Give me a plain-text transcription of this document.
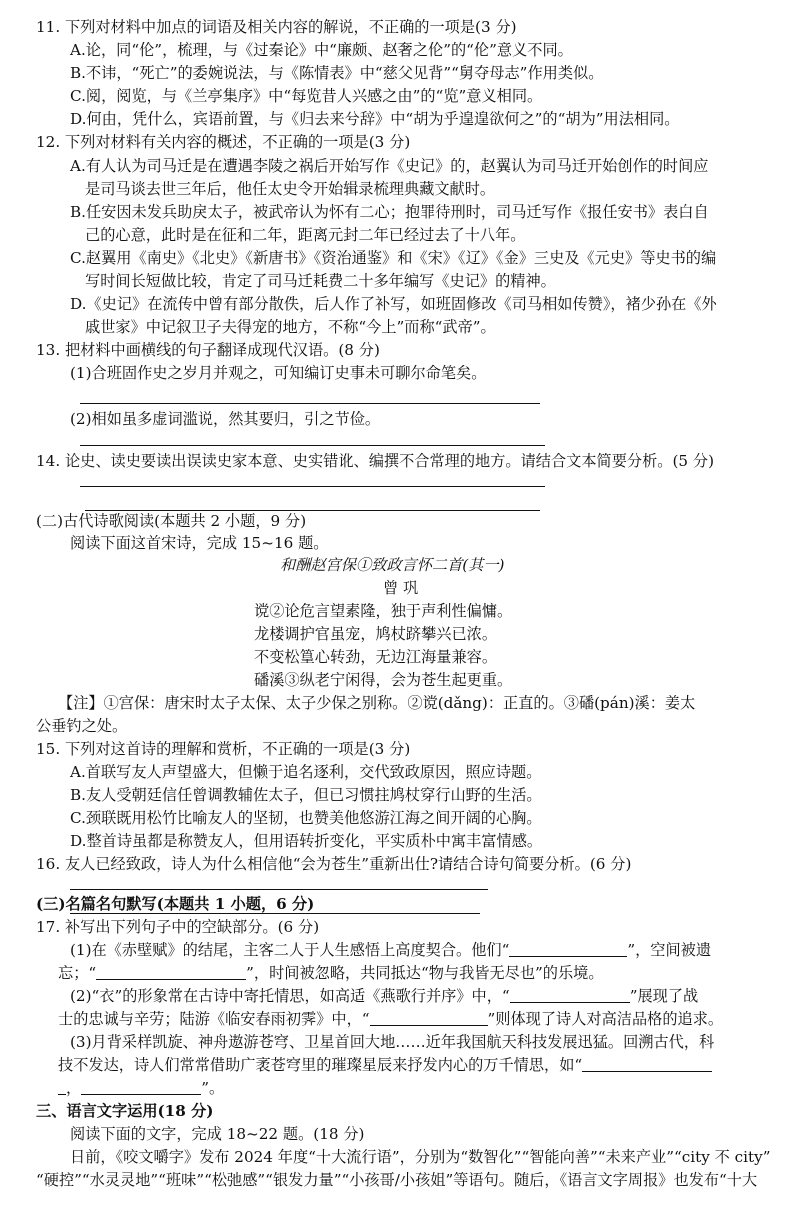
11. 下列对材料中加点的词语及相关内容的解说，不正确的一项是(3 分)
A.论，同“伦”，梳理，与《过秦论》中“廉颇、赵奢之伦”的“伦”意义不同。
B.不讳，“死亡”的委婉说法，与《陈情表》中“慈父见背”“舅夺母志”作用类似。
C.阅，阅览，与《兰亭集序》中“每览昔人兴感之由”的“览”意义相同。
D.何由，凭什么，宾语前置，与《归去来兮辞》中“胡为乎遑遑欲何之”的“胡为”用法相同。
12. 下列对材料有关内容的概述，不正确的一项是(3 分)
A.有人认为司马迁是在遭遇李陵之祸后开始写作《史记》的，赵翼认为司马迁开始创作的时间应
是司马谈去世三年后，他任太史令开始辑录梳理典藏文献时。
B.任安因未发兵助戾太子，被武帝认为怀有二心；抱罪待刑时，司马迁写作《报任安书》表白自
己的心意，此时是在征和二年，距离元封二年已经过去了十八年。
C.赵翼用《南史》《北史》《新唐书》《资治通鉴》和《宋》《辽》《金》三史及《元史》等史书的编
写时间长短做比较，肯定了司马迁耗费二十多年编写《史记》的精神。
D.《史记》在流传中曾有部分散佚，后人作了补写，如班固修改《司马相如传赞》，褚少孙在《外
戚世家》中记叙卫子夫得宠的地方，不称“今上”而称“武帝”。
13. 把材料中画横线的句子翻译成现代汉语。(8 分)
(1)合班固作史之岁月并观之，可知编订史事未可聊尔命笔矣。
(2)相如虽多虚词滥说，然其要归，引之节俭。
14. 论史、读史要读出误读史家本意、史实错讹、编撰不合常理的地方。请结合文本简要分析。(5 分)
(二)古代诗歌阅读(本题共 2 小题，9 分)
阅读下面这首宋诗，完成 15~16 题。
和酬赵宫保①致政言怀二首(其一)
曾 巩
谠②论危言望素隆，独于声利性偏慵。
龙楼调护官虽宠，鸠杖跻攀兴已浓。
不变松篁心转劲，无边江海量兼容。
磻溪③纵老宁闲得，会为苍生起更重。
【注】①宫保：唐宋时太子太保、太子少保之别称。②谠(dǎng)：正直的。③磻(pán)溪：姜太
公垂钓之处。
15. 下列对这首诗的理解和赏析，不正确的一项是(3 分)
A.首联写友人声望盛大，但懒于追名逐利，交代致政原因，照应诗题。
B.友人受朝廷信任曾调教辅佐太子，但已习惯拄鸠杖穿行山野的生活。
C.颈联既用松竹比喻友人的坚韧，也赞美他悠游江海之间开阔的心胸。
D.整首诗虽都是称赞友人，但用语转折变化，平实质朴中寓丰富情感。
16. 友人已经致政，诗人为什么相信他“会为苍生”重新出仕?请结合诗句简要分析。(6 分)
(三)名篇名句默写(本题共 1 小题，6 分)
17. 补写出下列句子中的空缺部分。(6 分)
(1)在《赤壁赋》的结尾，主客二人于人生感悟上高度契合。他们“	”，空间被遗
忘；“	”，时间被忽略，共同抵达“物与我皆无尽也”的乐境。
(2)“衣”的形象常在古诗中寄托情思，如高适《燕歌行并序》中，“	”展现了战
士的忠诚与辛劳；陆游《临安春雨初霁》中，“	”则体现了诗人对高洁品格的追求。
(3)月背采样凯旋、神舟遨游苍穹、卫星首回大地……近年我国航天科技发展迅猛。回溯古代，科
技不发达，诗人们常常借助广袤苍穹里的璀璨星辰来抒发内心的万千情思，如“
，	”。
三、语言文字运用(18 分)
阅读下面的文字，完成 18~22 题。(18 分)
日前，《咬文嚼字》发布 2024 年度“十大流行语”，分别为“数智化”“智能向善”“未来产业”“city 不 city”
“硬控”“水灵灵地”“班味”“松弛感”“银发力量”“小孩哥/小孩姐”等语句。随后，《语言文字周报》也发布“十大
